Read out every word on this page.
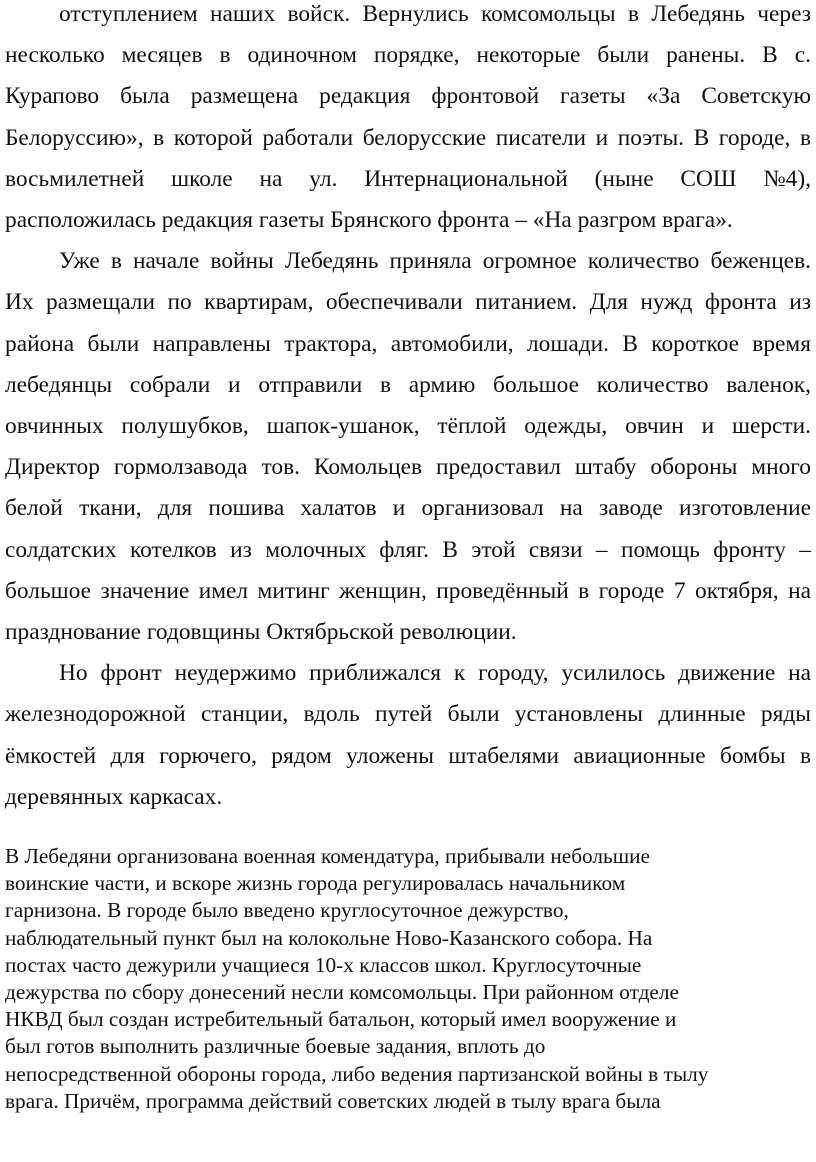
отступлением наших войск. Вернулись комсомольцы в Лебедянь через
несколько месяцев в одиночном порядке, некоторые были ранены. В с.
Курапово была размещена редакция фронтовой газеты «За Советскую
Белоруссию», в которой работали белорусские писатели и поэты. В городе, в
восьмилетней школе на ул. Интернациональной (ныне СОШ №4),
расположилась редакция газеты Брянского фронта – «На разгром врага».

Уже в начале войны Лебедянь приняла огромное количество беженцев.
Их размещали по квартирам, обеспечивали питанием. Для нужд фронта из
района были направлены трактора, автомобили, лошади. В короткое время
лебедянцы собрали и отправили в армию большое количество валенок,
овчинных полушубков, шапок-ушанок, тёплой одежды, овчин и шерсти.
Директор гормолзавода тов. Комольцев предоставил штабу обороны много
белой ткани, для пошива халатов и организовал на заводе изготовление
солдатских котелков из молочных фляг. В этой связи – помощь фронту –
большое значение имел митинг женщин, проведённый в городе 7 октября, на
празднование годовщины Октябрьской революции.

Но фронт неудержимо приближался к городу, усилилось движение на
железнодорожной станции, вдоль путей были установлены длинные ряды
ёмкостей для горючего, рядом уложены штабелями авиационные бомбы в
деревянных каркасах.

В Лебедяни организована военная комендатура, прибывали небольшие
воинские части, и вскоре жизнь города регулировалась начальником
гарнизона. В городе было введено круглосуточное дежурство,
наблюдательный пункт был на колокольне Ново-Казанского собора. На
постах часто дежурили учащиеся 10-х классов школ. Круглосуточные
дежурства по сбору донесений несли комсомольцы. При районном отделе
НКВД был создан истребительный батальон, который имел вооружение и
был готов выполнить различные боевые задания, вплоть до
непосредственной обороны города, либо ведения партизанской войны в тылу
врага. Причём, программа действий советских людей в тылу врага была
